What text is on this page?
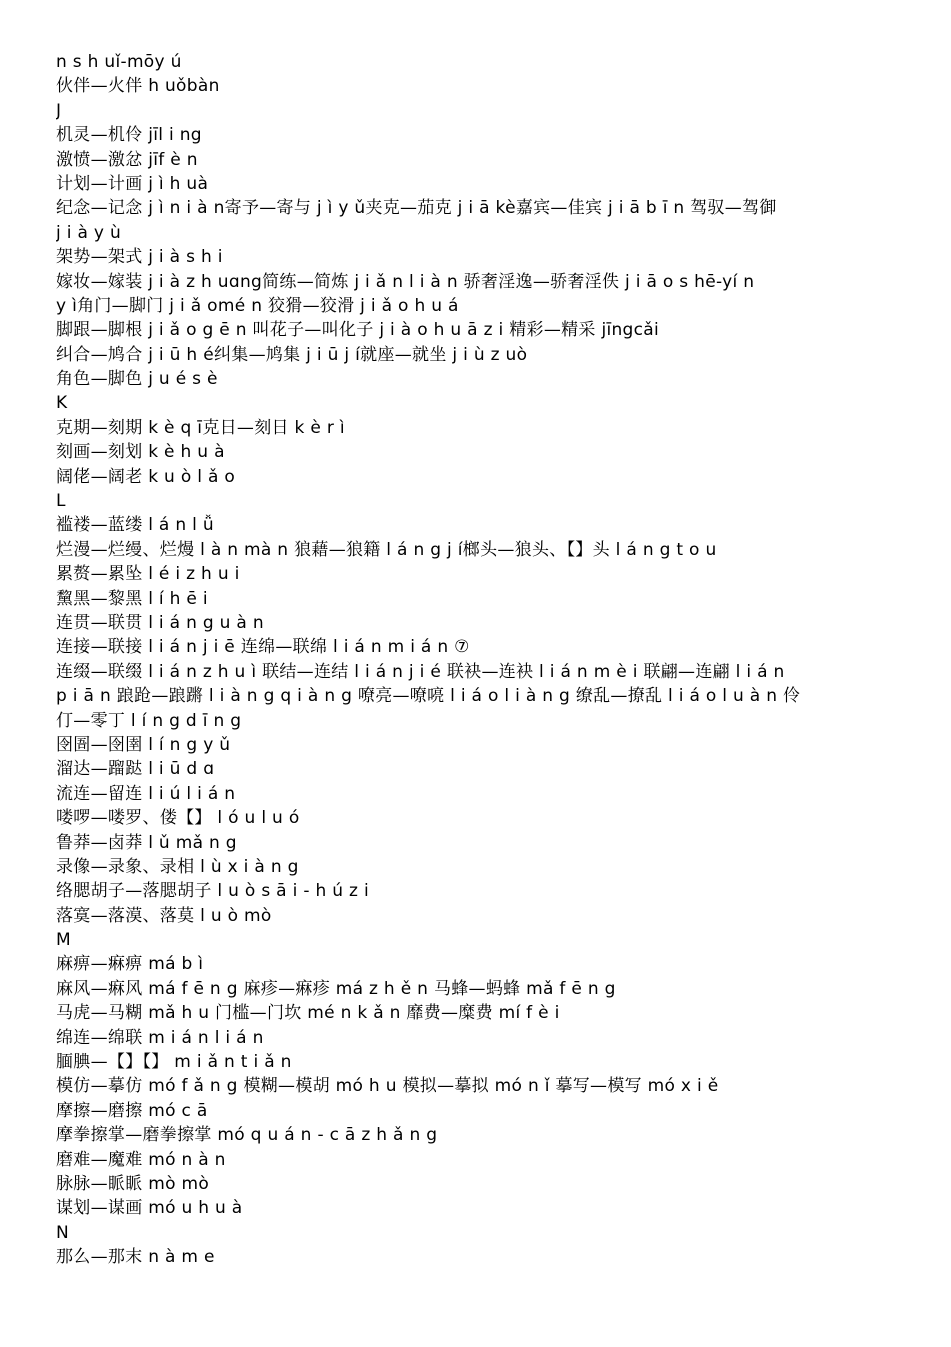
n s h uǐ-mōy ú
伙伴—火伴 h uǒbàn
J
机灵—机伶 jīl i ng
激愤—激忿 jīf è n
计划—计画 j ì h uà
纪念—记念 j ì n i à n寄予—寄与 j ì y ǔ夹克—茄克 j i ā kè嘉宾—佳宾 j i ā b ī n 驾驭—驾御
j i à y ù
架势—架式 j i à s h i
嫁妆—嫁装 j i à z h uɑng简练—简炼 j i ǎ n l i à n 骄奢淫逸—骄奢淫佚 j i ā o s hē-yí n
y ì角门—脚门 j i ǎ omé n 狡猾—狡滑 j i ǎ o h u á
脚跟—脚根 j i ǎ o g ē n 叫花子—叫化子 j i à o h u ā z i 精彩—精采 jīngcǎi
纠合—鸠合 j i ū h é纠集—鸠集 j i ū j í就座—就坐 j i ù z uò
角色—脚色 j u é s è
K
克期—刻期 k è q ī克日—刻日 k è r ì
刻画—刻划 k è h u à
阔佬—阔老 k u ò l ǎ o
L
褴褛—蓝缕 l á n l ǚ
烂漫—烂缦、烂熳 l à n mà n 狼藉—狼籍 l á n g j í榔头—狼头、【】头 l á n g t o u
累赘—累坠 l é i z h u i
黧黑—黎黑 l í h ē i
连贯—联贯 l i á n g u à n
连接—联接 l i á n j i ē 连绵—联绵 l i á n m i á n ⑦
连缀—联缀 l i á n z h u ì 联结—连结 l i á n j i é 联袂—连袂 l i á n m è i 联翩—连翩 l i á n
p i ā n 踉跄—踉蹡 l i à n g q i à n g 嘹亮—嘹喨 l i á o l i à n g 缭乱—撩乱 l i á o l u à n 伶
仃—零丁 l í n g d ī n g
囹圄—囹圉 l í n g y ǔ
溜达—蹓跶 l i ū d ɑ
流连—留连 l i ú l i á n
喽啰—喽罗、偻【】 l ó u l u ó
鲁莽—卤莽 l ǔ mǎ n g
录像—录象、录相 l ù x i à n g
络腮胡子—落腮胡子 l u ò s ā i - h ú z i
落寞—落漠、落莫 l u ò mò
M
麻痹—痳痹 má b ì
麻风—痳风 má f ē n g 麻疹—痳疹 má z h ě n 马蜂—蚂蜂 mǎ f ē n g
马虎—马糊 mǎ h u 门槛—门坎 mé n k ǎ n 靡费—糜费 mí f è i
绵连—绵联 m i á n l i á n
腼腆—【】【】 m i ǎ n t i ǎ n
模仿—摹仿 mó f ǎ n g 模糊—模胡 mó h u 模拟—摹拟 mó n ǐ 摹写—模写 mó x i ě
摩擦—磨擦 mó c ā
摩拳擦掌—磨拳擦掌 mó q u á n - c ā z h ǎ n g
磨难—魔难 mó n à n
脉脉—眽眽 mò mò
谋划—谋画 mó u h u à
N
那么—那末 n à m e
